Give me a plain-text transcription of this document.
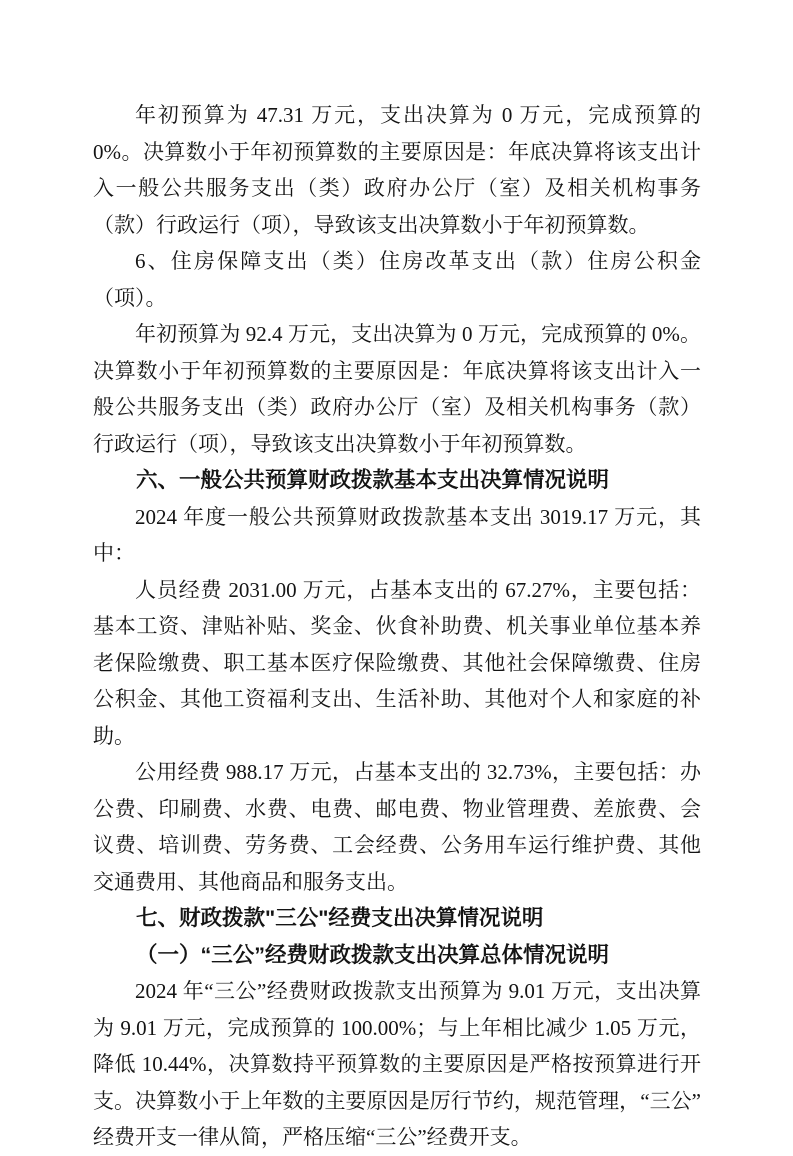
年初预算为 47.31 万元，支出决算为 0 万元，完成预算的 0%。决算数小于年初预算数的主要原因是：年底决算将该支出计入一般公共服务支出（类）政府办公厅（室）及相关机构事务（款）行政运行（项），导致该支出决算数小于年初预算数。

6、住房保障支出（类）住房改革支出（款）住房公积金（项）。

年初预算为 92.4 万元，支出决算为 0 万元，完成预算的 0%。决算数小于年初预算数的主要原因是：年底决算将该支出计入一般公共服务支出（类）政府办公厅（室）及相关机构事务（款）行政运行（项），导致该支出决算数小于年初预算数。

六、一般公共预算财政拨款基本支出决算情况说明

2024 年度一般公共预算财政拨款基本支出 3019.17 万元，其中：

人员经费 2031.00 万元，占基本支出的 67.27%，主要包括：基本工资、津贴补贴、奖金、伙食补助费、机关事业单位基本养老保险缴费、职工基本医疗保险缴费、其他社会保障缴费、住房公积金、其他工资福利支出、生活补助、其他对个人和家庭的补助。

公用经费 988.17 万元，占基本支出的 32.73%，主要包括：办公费、印刷费、水费、电费、邮电费、物业管理费、差旅费、会议费、培训费、劳务费、工会经费、公务用车运行维护费、其他交通费用、其他商品和服务支出。

七、财政拨款"三公"经费支出决算情况说明
（一）“三公”经费财政拨款支出决算总体情况说明

2024 年“三公”经费财政拨款支出预算为 9.01 万元，支出决算为 9.01 万元，完成预算的 100.00%；与上年相比减少 1.05 万元，降低 10.44%，决算数持平预算数的主要原因是严格按预算进行开支。决算数小于上年数的主要原因是厉行节约，规范管理，“三公”经费开支一律从简，严格压缩“三公”经费开支。
